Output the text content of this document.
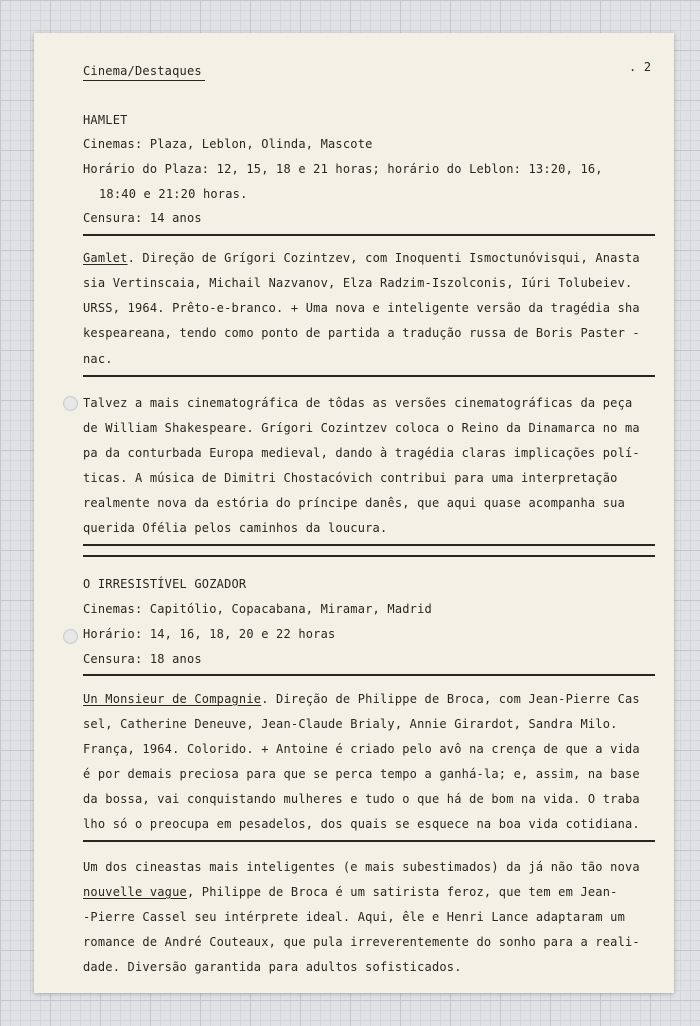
Cinema/Destaques	. 2
HAMLET
Cinemas: Plaza, Leblon, Olinda, Mascote
Horário do Plaza: 12, 15, 18 e 21 horas; horário do Leblon: 13:20, 16,
18:40 e 21:20 horas.
Censura: 14 anos
Gamlet. Direção de Grígori Cozintzev, com Inoquenti Ismoctunóvisqui, Anasta
sia Vertinscaia, Michail Nazvanov, Elza Radzim-Iszolconis, Iúri Tolubeiev.
URSS, 1964. Prêto-e-branco. + Uma nova e inteligente versão da tragédia sha
kespeareana, tendo como ponto de partida a tradução russa de Boris Paster -
nac.
Talvez a mais cinematográfica de tôdas as versões cinematográficas da peça
de William Shakespeare. Grígori Cozintzev coloca o Reino da Dinamarca no ma
pa da conturbada Europa medieval, dando à tragédia claras implicações polí-
ticas. A música de Dimitri Chostacóvich contribui para uma interpretação
realmente nova da estória do príncipe danês, que aqui quase acompanha sua
querida Ofélia pelos caminhos da loucura.
O IRRESISTÍVEL GOZADOR
Cinemas: Capitólio, Copacabana, Miramar, Madrid
Horário: 14, 16, 18, 20 e 22 horas
Censura: 18 anos
Un Monsieur de Compagnie. Direção de Philippe de Broca, com Jean-Pierre Cas
sel, Catherine Deneuve, Jean-Claude Brialy, Annie Girardot, Sandra Milo.
França, 1964. Colorido. + Antoine é criado pelo avô na crença de que a vida
é por demais preciosa para que se perca tempo a ganhá-la; e, assim, na base
da bossa, vai conquistando mulheres e tudo o que há de bom na vida. O traba
lho só o preocupa em pesadelos, dos quais se esquece na boa vida cotidiana.
Um dos cineastas mais inteligentes (e mais subestimados) da já não tão nova
nouvelle vague, Philippe de Broca é um satirista feroz, que tem em Jean-
-Pierre Cassel seu intérprete ideal. Aqui, êle e Henri Lance adaptaram um
romance de André Couteaux, que pula irreverentemente do sonho para a reali-
dade. Diversão garantida para adultos sofisticados.
